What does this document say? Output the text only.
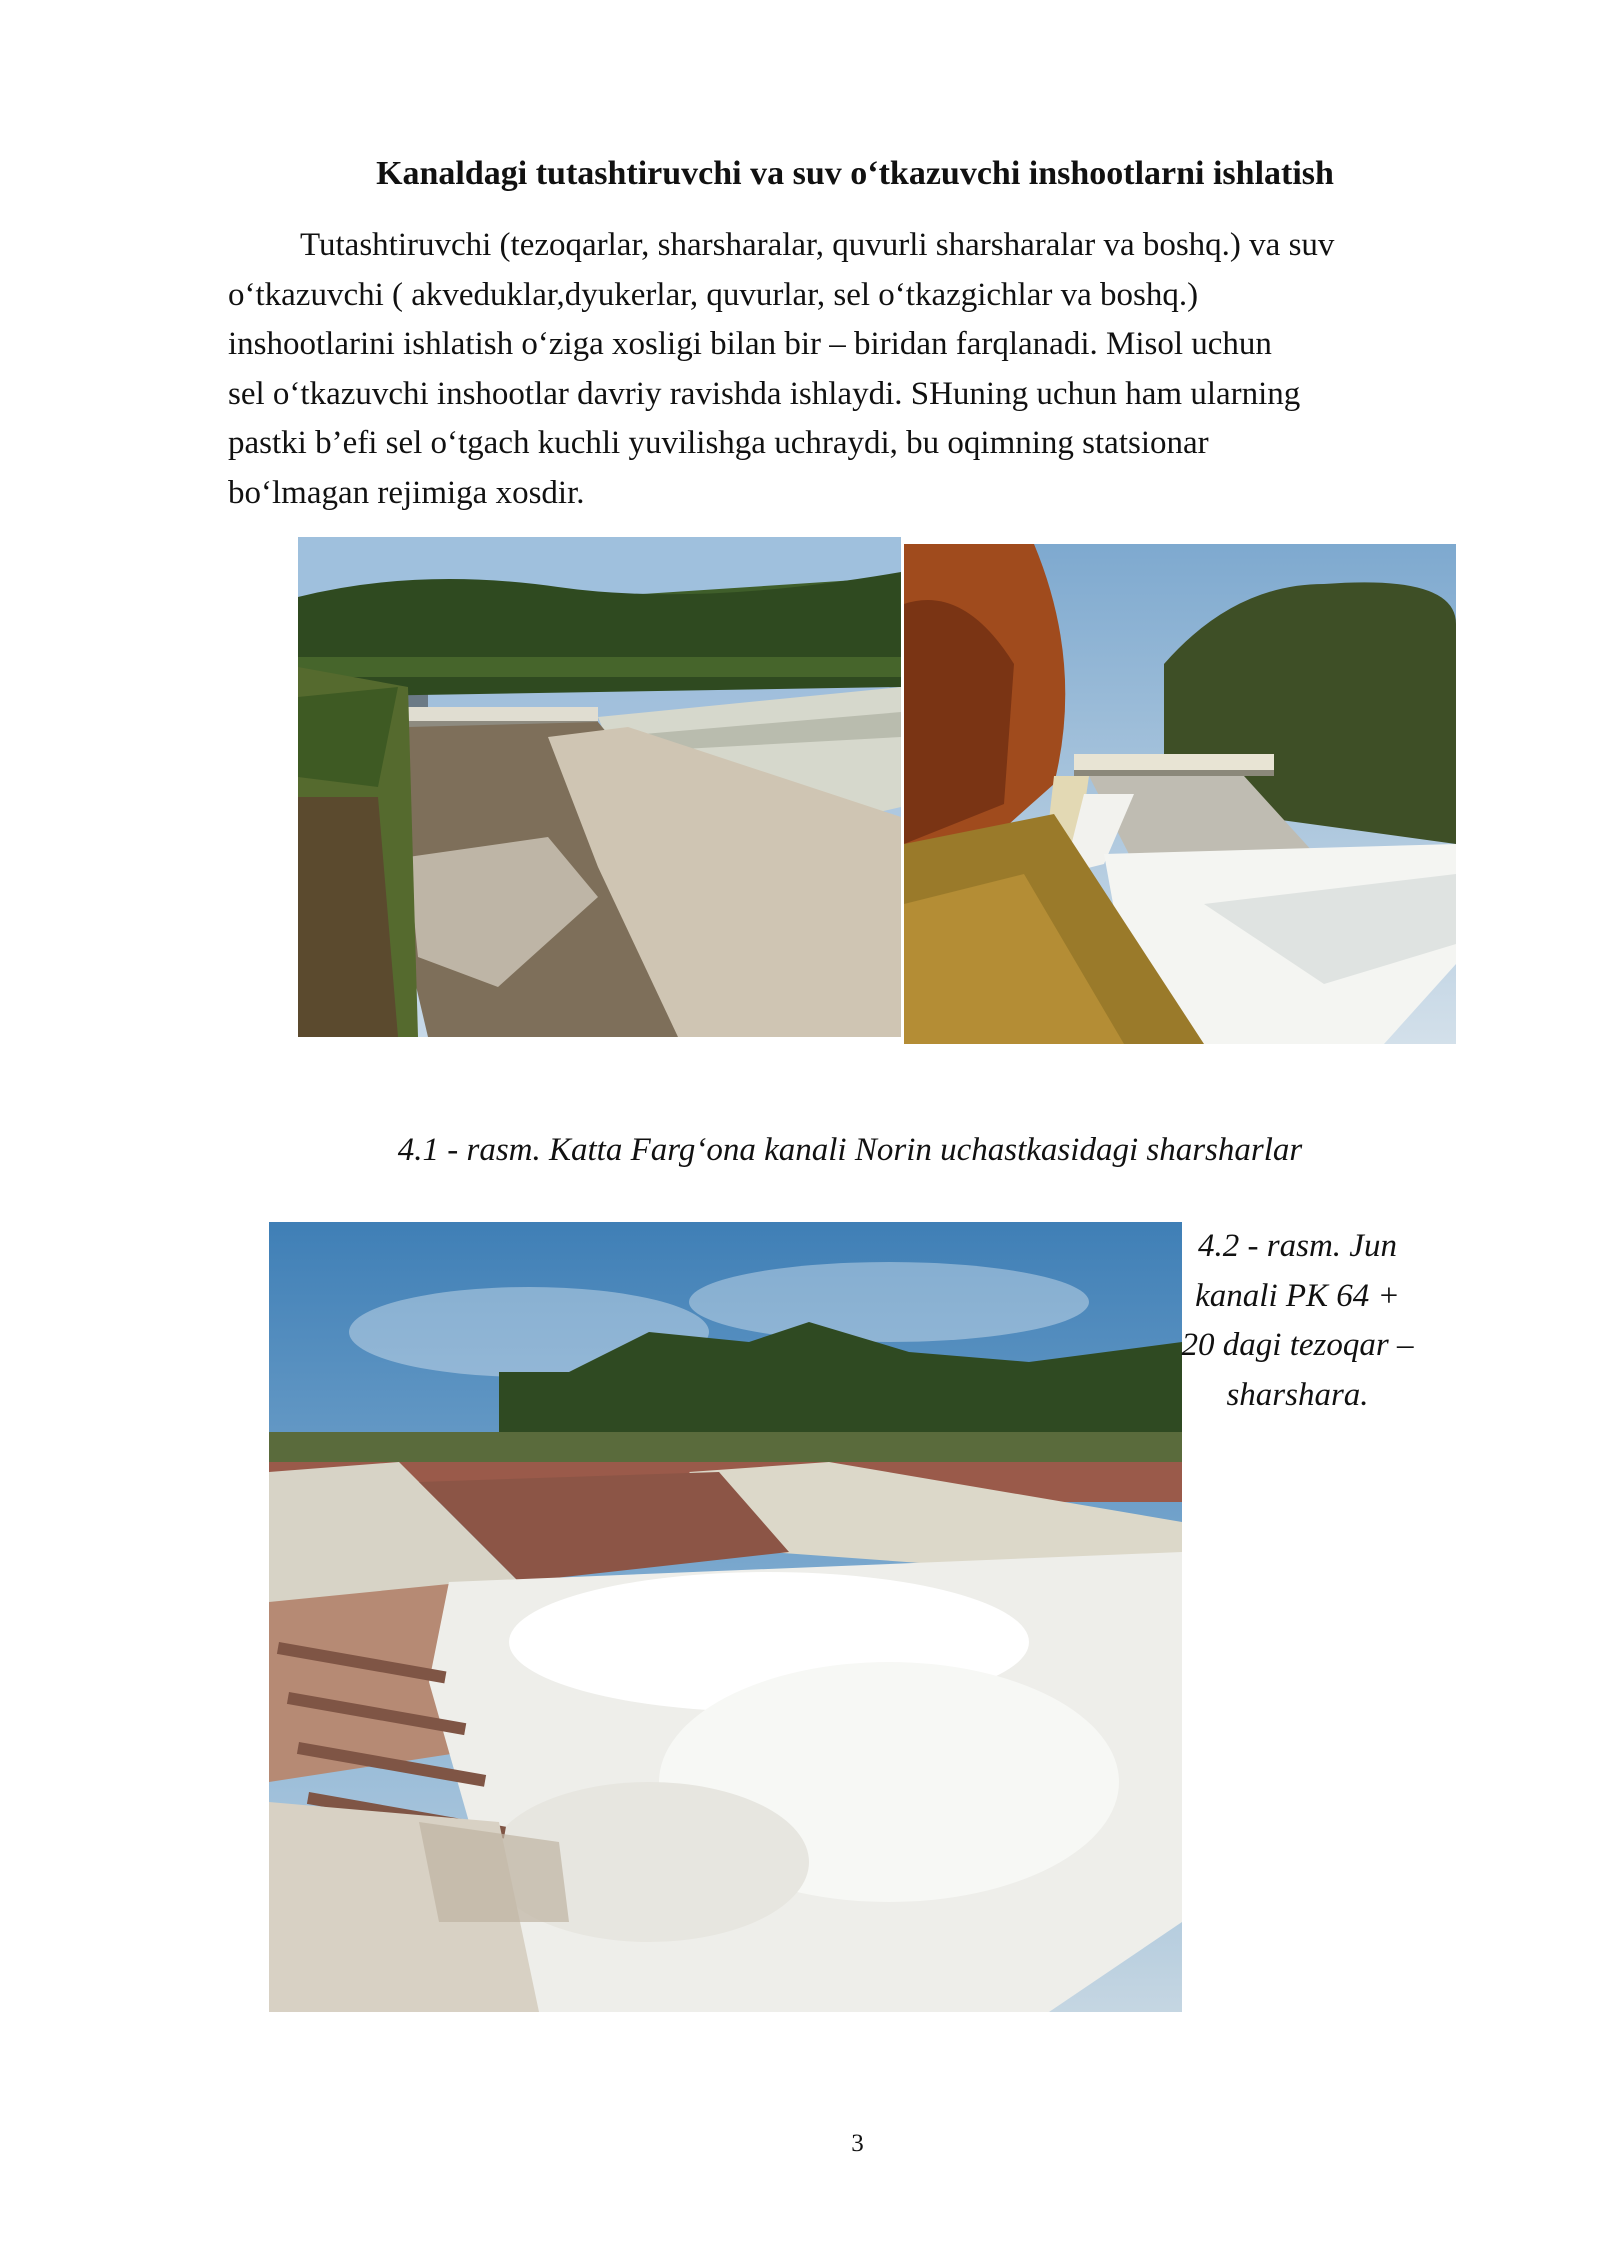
Kanaldagi tutashtiruvchi va suv o‘tkazuvchi inshootlarni ishlatish
Tutashtiruvchi (tezoqarlar, sharsharalar, quvurli sharsharalar va boshq.) va suv
o‘tkazuvchi ( akveduklar,dyukerlar, quvurlar, sel o‘tkazgichlar va boshq.)
inshootlarini ishlatish o‘ziga xosligi bilan bir – biridan farqlanadi. Misol uchun
sel o‘tkazuvchi inshootlar davriy ravishda ishlaydi. SHuning uchun ham ularning
pastki b’efi sel o‘tgach kuchli yuvilishga uchraydi, bu oqimning statsionar
bo‘lmagan rejimiga xosdir.
4.1 - rasm. Katta Farg‘ona kanali Norin uchastkasidagi sharsharlar
4.2 - rasm. Jun
kanali PK 64 +
20 dagi tezoqar –
sharshara.
3
